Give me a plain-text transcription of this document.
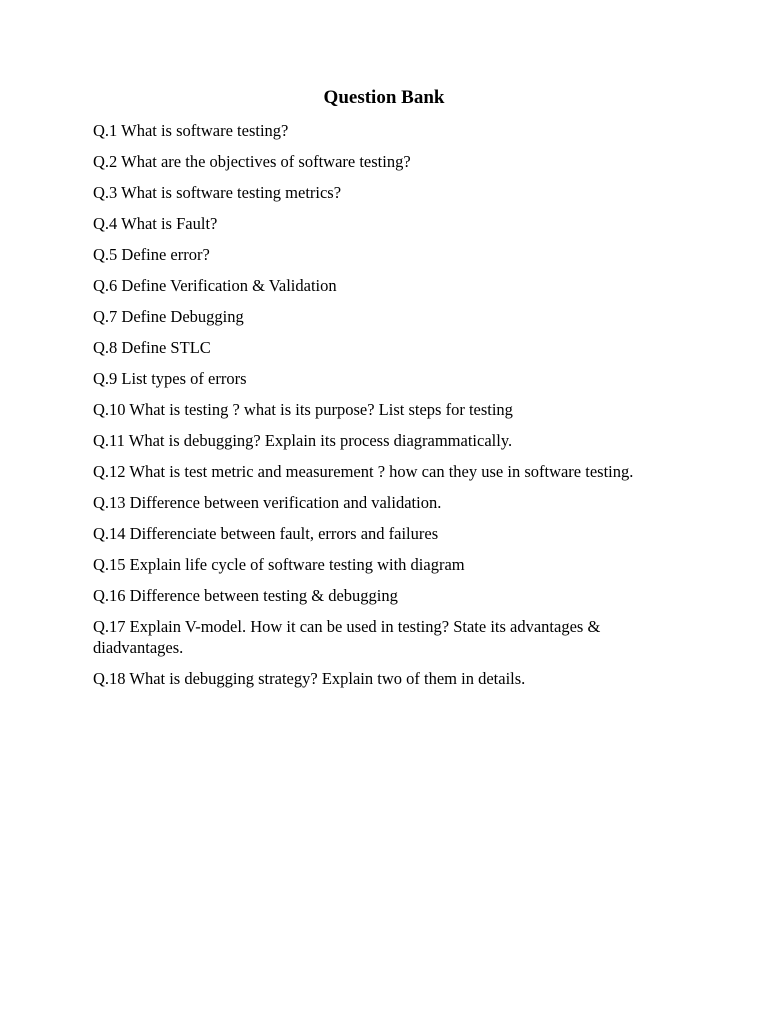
Question Bank
Q.1 What is software testing?
Q.2 What are the objectives of software testing?
Q.3 What is software testing metrics?
Q.4 What is Fault?
Q.5 Define error?
Q.6 Define Verification & Validation
Q.7 Define Debugging
Q.8 Define STLC
Q.9 List types of errors
Q.10 What is testing ? what is its purpose? List steps for testing
Q.11 What is debugging? Explain its process diagrammatically.
Q.12 What is test metric and measurement ? how can they use in software testing.
Q.13 Difference between verification and validation.
Q.14 Differenciate between fault, errors and failures
Q.15 Explain life cycle of software testing with diagram
Q.16 Difference between testing & debugging
Q.17 Explain V-model. How it can be used in testing? State its advantages & diadvantages.
Q.18 What is debugging strategy? Explain two of them in details.
